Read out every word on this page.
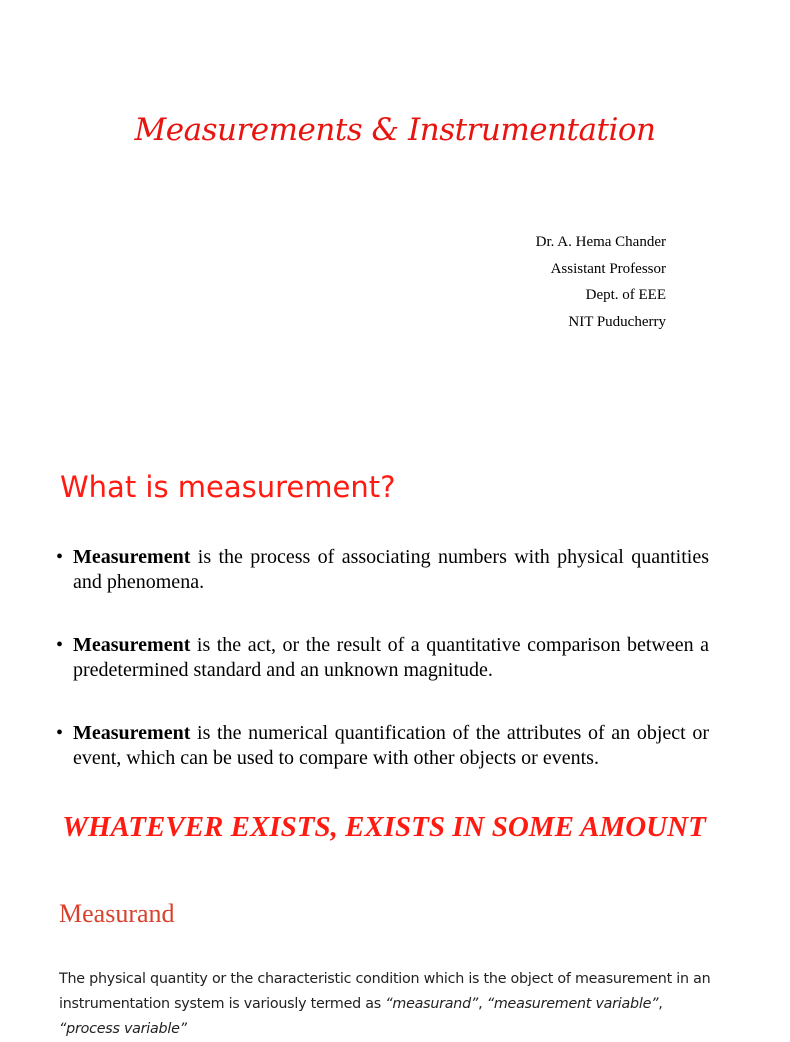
Measurements & Instrumentation
Dr. A. Hema Chander
Assistant Professor
Dept. of EEE
NIT Puducherry
What is measurement?
• Measurement is the process of associating numbers with physical quantities and phenomena.
• Measurement is the act, or the result of a quantitative comparison between a predetermined standard and an unknown magnitude.
• Measurement is the numerical quantification of the attributes of an object or event, which can be used to compare with other objects or events.
WHATEVER EXISTS, EXISTS IN SOME AMOUNT
Measurand

The physical quantity or the characteristic condition which is the object of measurement in an instrumentation system is variously termed as “measurand”, “measurement variable”, “process variable”
